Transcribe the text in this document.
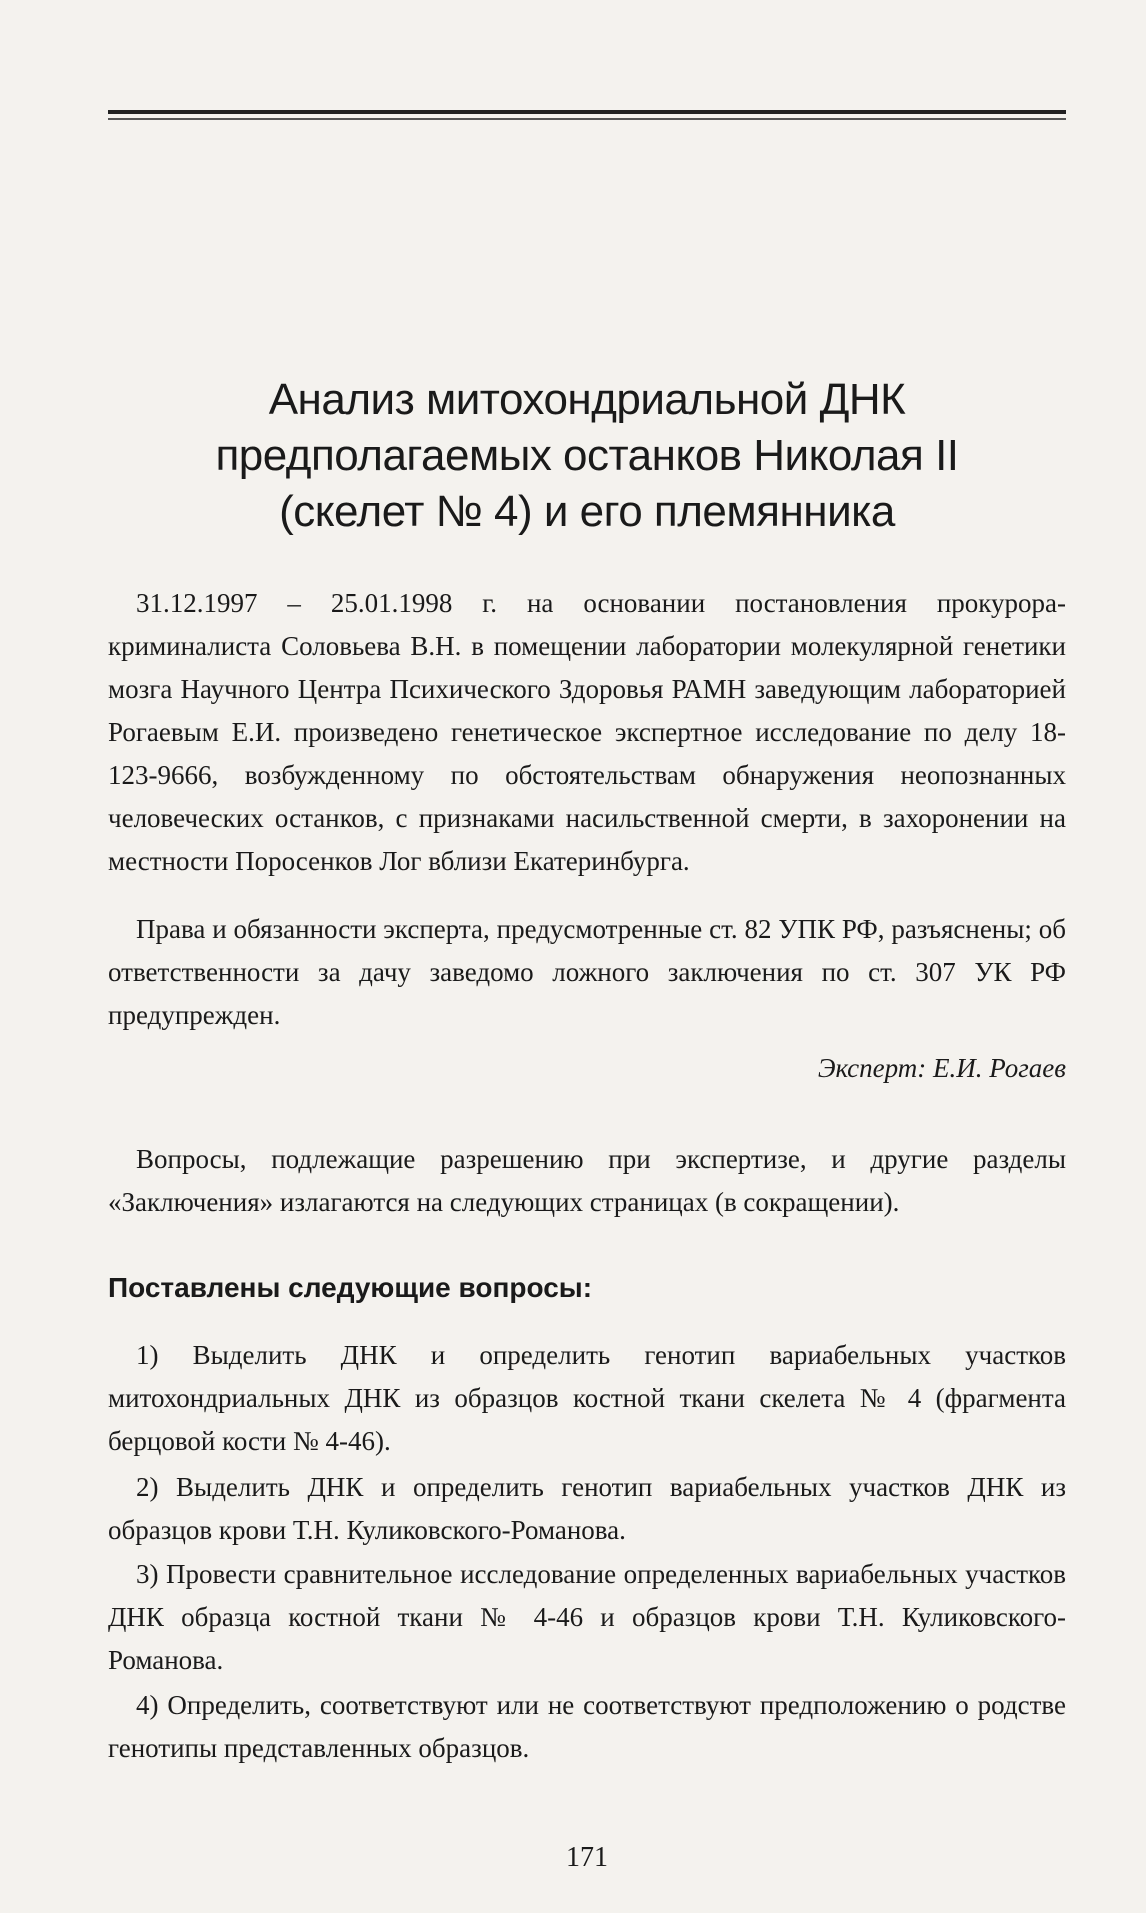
Анализ митохондриальной ДНК
предполагаемых останков Николая II
(скелет № 4) и его племянника

31.12.1997 – 25.01.1998 г. на основании постановления прокурора-криминалиста Соловьева В.Н. в помещении лаборатории молекулярной генетики мозга Научного Центра Психического Здоровья РАМН заведующим лабораторией Рогаевым Е.И. произведено генетическое экспертное исследование по делу 18-123-9666, возбужденному по обстоятельствам обнаружения неопознанных человеческих останков, с признаками насильственной смерти, в захоронении на местности Поросенков Лог вблизи Екатеринбурга.

Права и обязанности эксперта, предусмотренные ст. 82 УПК РФ, разъяснены; об ответственности за дачу заведомо ложного заключения по ст. 307 УК РФ предупрежден.

Эксперт: Е.И. Рогаев

Вопросы, подлежащие разрешению при экспертизе, и другие разделы «Заключения» излагаются на следующих страницах (в сокращении).

Поставлены следующие вопросы:

1) Выделить ДНК и определить генотип вариабельных участков митохондриальных ДНК из образцов костной ткани скелета № 4 (фрагмента берцовой кости № 4-46).

2) Выделить ДНК и определить генотип вариабельных участков ДНК из образцов крови Т.Н. Куликовского-Романова.

3) Провести сравнительное исследование определенных вариабельных участков ДНК образца костной ткани № 4-46 и образцов крови Т.Н. Куликовского-Романова.

4) Определить, соответствуют или не соответствуют предположению о родстве генотипы представленных образцов.

171
